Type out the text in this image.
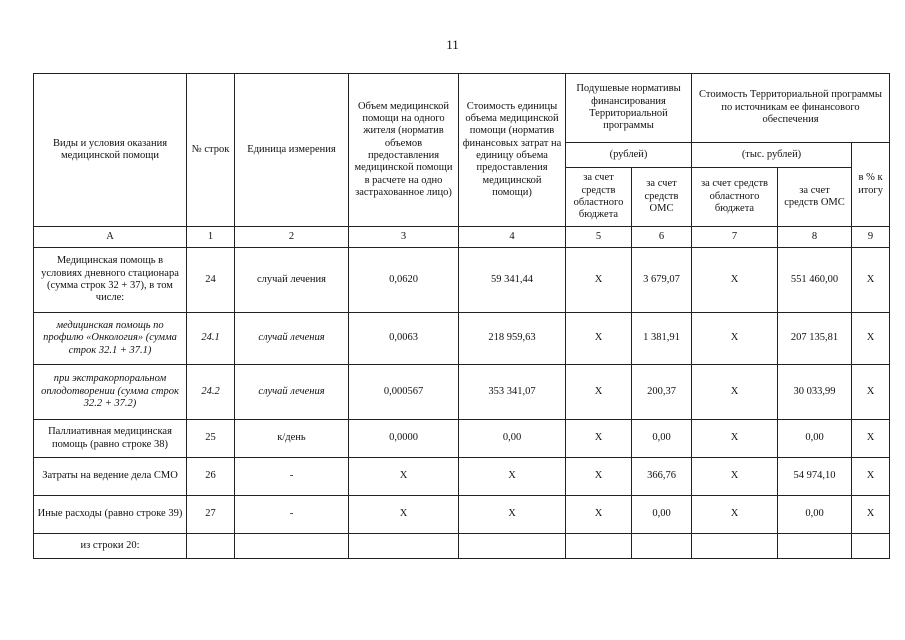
11
Виды и условия оказания медицинской помощи	№ строк	Единица измерения	Объем медицинской помощи на одного жителя (норматив объемов предоставления медицинской помощи в расчете на одно застрахованное лицо)	Стоимость единицы объема медицинской помощи (норматив финансовых затрат на единицу объема предоставления медицинской помощи)	Подушевые нормативы финансирования Территориальной программы		Стоимость Территориальной программы по источникам ее финансового обеспечения		
					(рублей)		(тыс. рублей)		в % к итогу
					за счет средств областного бюджета	за счет средств ОМС	за счет средств областного бюджета	за счет средств ОМС	
А	1	2	3	4	5	6	7	8	9
Медицинская помощь в условиях дневного стационара (сумма строк 32 + 37), в том числе:	24	случай лечения	0,0620	59 341,44	X	3 679,07	X	551 460,00	X
медицинская помощь по профилю «Онкология» (сумма строк 32.1 + 37.1)	24.1	случай лечения	0,0063	218 959,63	X	1 381,91	X	207 135,81	X
при экстракорпоральном оплодотворении (сумма строк 32.2 + 37.2)	24.2	случай лечения	0,000567	353 341,07	X	200,37	X	30 033,99	X
Паллиативная медицинская помощь (равно строке 38)	25	к/день	0,0000	0,00	X	0,00	X	0,00	X
Затраты на ведение дела СМО	26	-	X	X	X	366,76	X	54 974,10	X
Иные расходы (равно строке 39)	27	-	X	X	X	0,00	X	0,00	X
из строки 20:									
